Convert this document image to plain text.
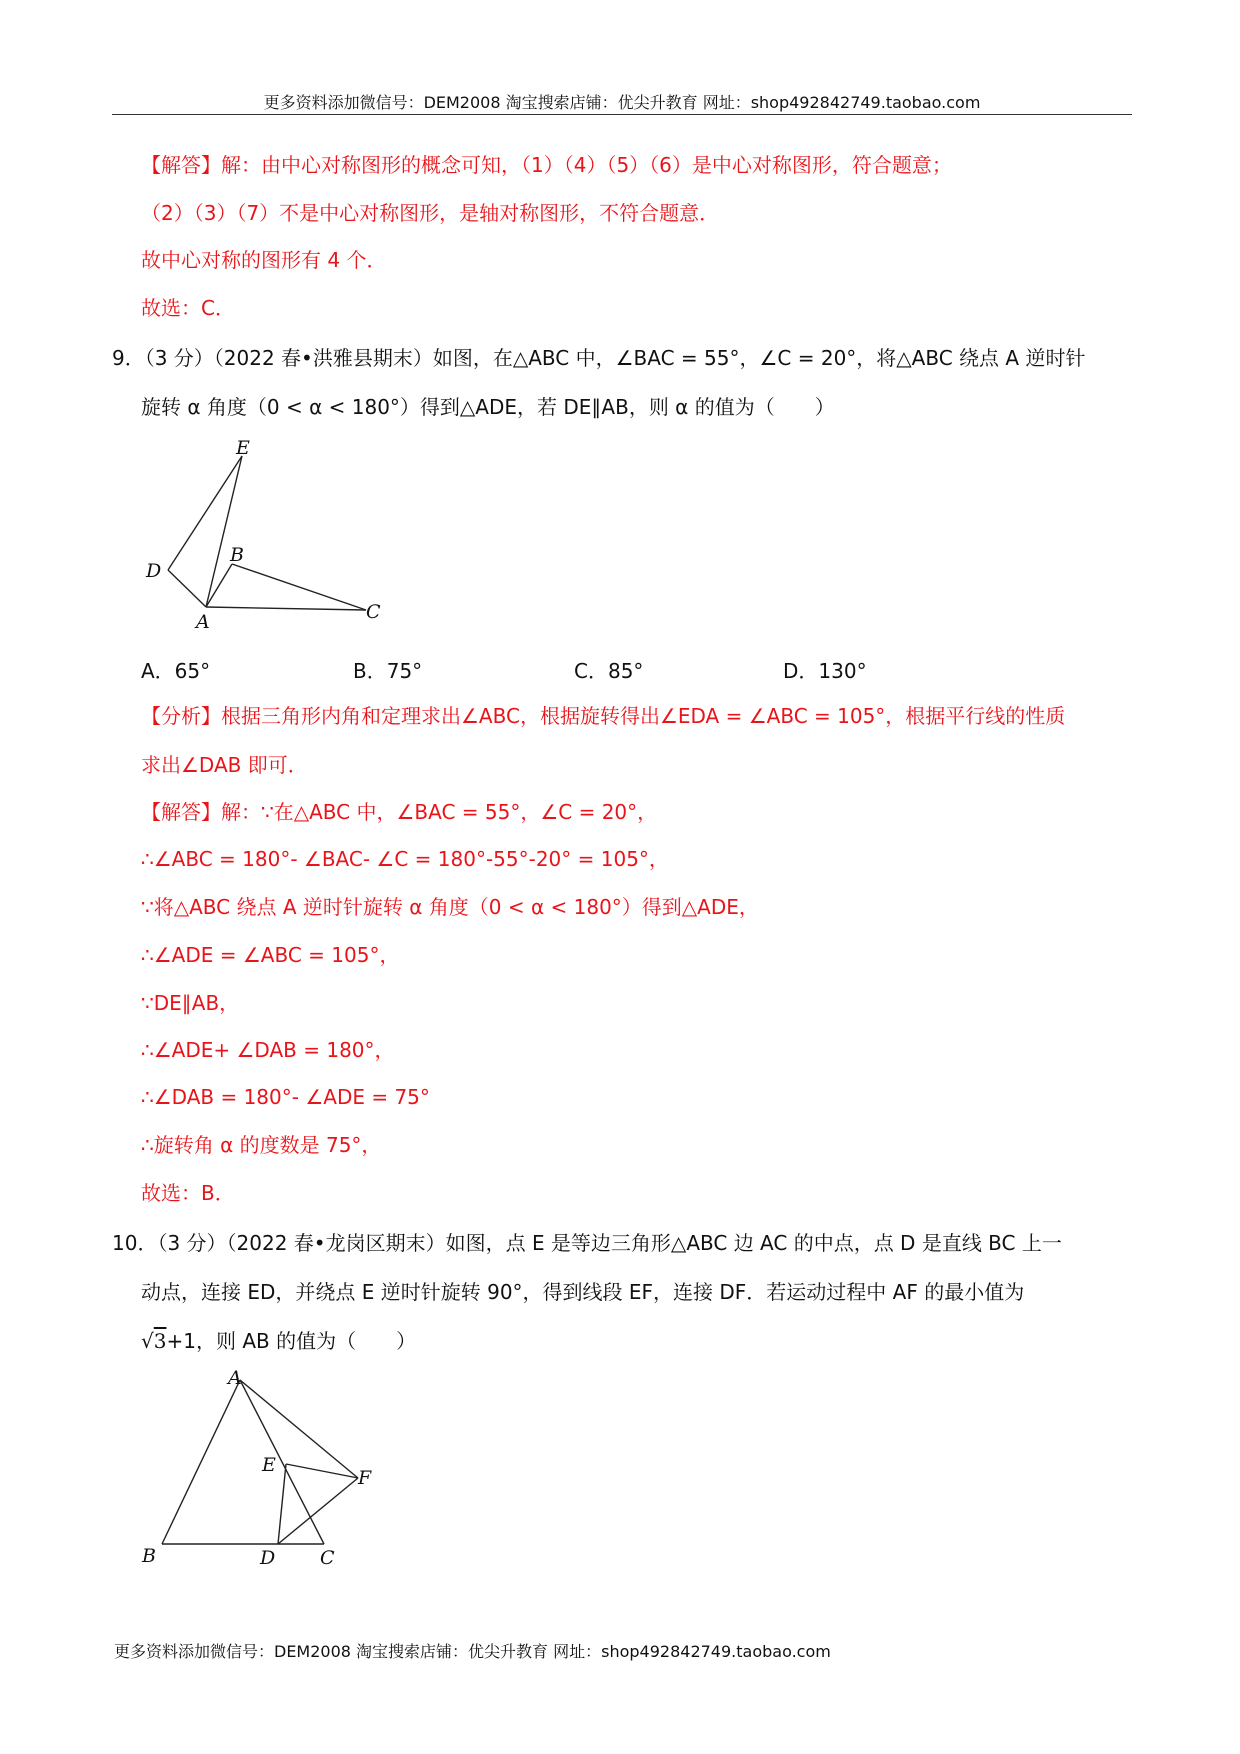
更多资料添加微信号：DEM2008 淘宝搜索店铺：优尖升教育 网址：shop492842749.taobao.com
【解答】解：由中心对称图形的概念可知，（1）（4）（5）（6）是中心对称图形，符合题意；
（2）（3）（7）不是中心对称图形，是轴对称图形，不符合题意．
故中心对称的图形有 4 个．
故选：C．
9．（3 分）（2022 春•洪雅县期末）如图，在△ABC 中，∠BAC = 55°，∠C = 20°，将△ABC 绕点 A 逆时针
旋转 α 角度（0 < α < 180°）得到△ADE，若 DE∥AB，则 α 的值为（　　）
E
D
B
A	C
A．65°	B．75°	C．85°	D．130°
【分析】根据三角形内角和定理求出∠ABC，根据旋转得出∠EDA = ∠ABC = 105°，根据平行线的性质
求出∠DAB 即可．
【解答】解：∵在△ABC 中，∠BAC = 55°，∠C = 20°，
∴∠ABC = 180°- ∠BAC- ∠C = 180°-55°-20° = 105°，
∵将△ABC 绕点 A 逆时针旋转 α 角度（0 < α < 180°）得到△ADE，
∴∠ADE = ∠ABC = 105°，
∵DE∥AB，
∴∠ADE+ ∠DAB = 180°，
∴∠DAB = 180°- ∠ADE = 75°
∴旋转角 α 的度数是 75°，
故选：B．
10．（3 分）（2022 春•龙岗区期末）如图，点 E 是等边三角形△ABC 边 AC 的中点，点 D 是直线 BC 上一
动点，连接 ED，并绕点 E 逆时针旋转 90°，得到线段 EF，连接 DF．若运动过程中 AF 的最小值为
√3+1，则 AB 的值为（　　）
A
E
F
B	D C
更多资料添加微信号：DEM2008 淘宝搜索店铺：优尖升教育 网址：shop492842749.taobao.com
